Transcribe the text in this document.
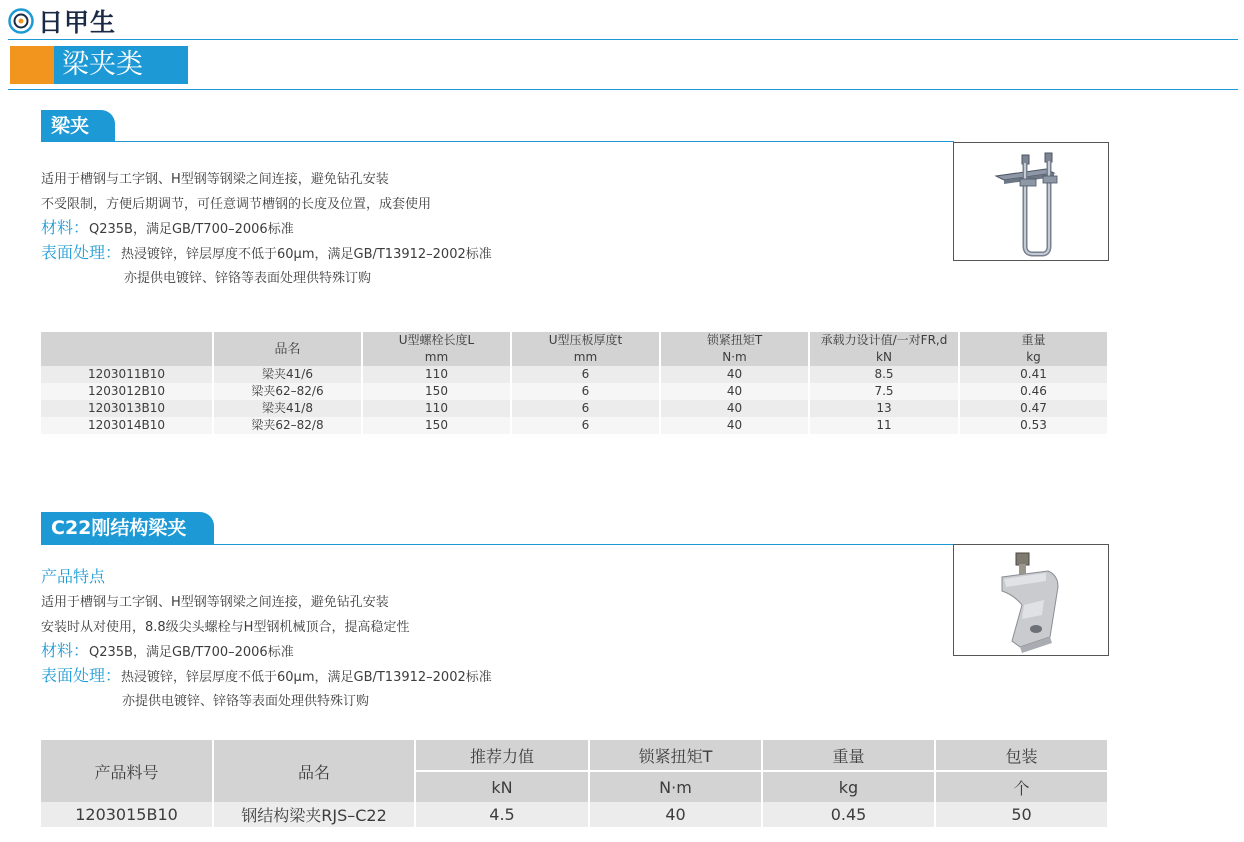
日甲生
梁夹类
梁夹
适用于槽钢与工字钢、H型钢等钢梁之间连接，避免钻孔安装
不受限制，方便后期调节，可任意调节槽钢的长度及位置，成套使用
材料：Q235B，满足GB/T700–2006标准
表面处理：热浸镀锌，锌层厚度不低于60μm，满足GB/T13912–2002标准
亦提供电镀锌、锌铬等表面处理供特殊订购
	品名	U型螺栓长度L	U型压板厚度t	锁紧扭矩T	承载力设计值/一对FR,d	重量
		mm	mm	N·m	kN	kg
1203011B10	梁夹41/6	110	6	40	8.5	0.41
1203012B10	梁夹62–82/6	150	6	40	7.5	0.46
1203013B10	梁夹41/8	110	6	40	13	0.47
1203014B10	梁夹62–82/8	150	6	40	11	0.53
C22刚结构梁夹
产品特点
适用于槽钢与工字钢、H型钢等钢梁之间连接，避免钻孔安装
安装时从对使用，8.8级尖头螺栓与H型钢机械顶合，提高稳定性
材料：Q235B，满足GB/T700–2006标准
表面处理：热浸镀锌，锌层厚度不低于60μm，满足GB/T13912–2002标准
亦提供电镀锌、锌铬等表面处理供特殊订购
产品料号	品名	推荐力值	锁紧扭矩T	重量	包装
		kN	N·m	kg	个
1203015B10	钢结构梁夹RJS–C22	4.5	40	0.45	50
